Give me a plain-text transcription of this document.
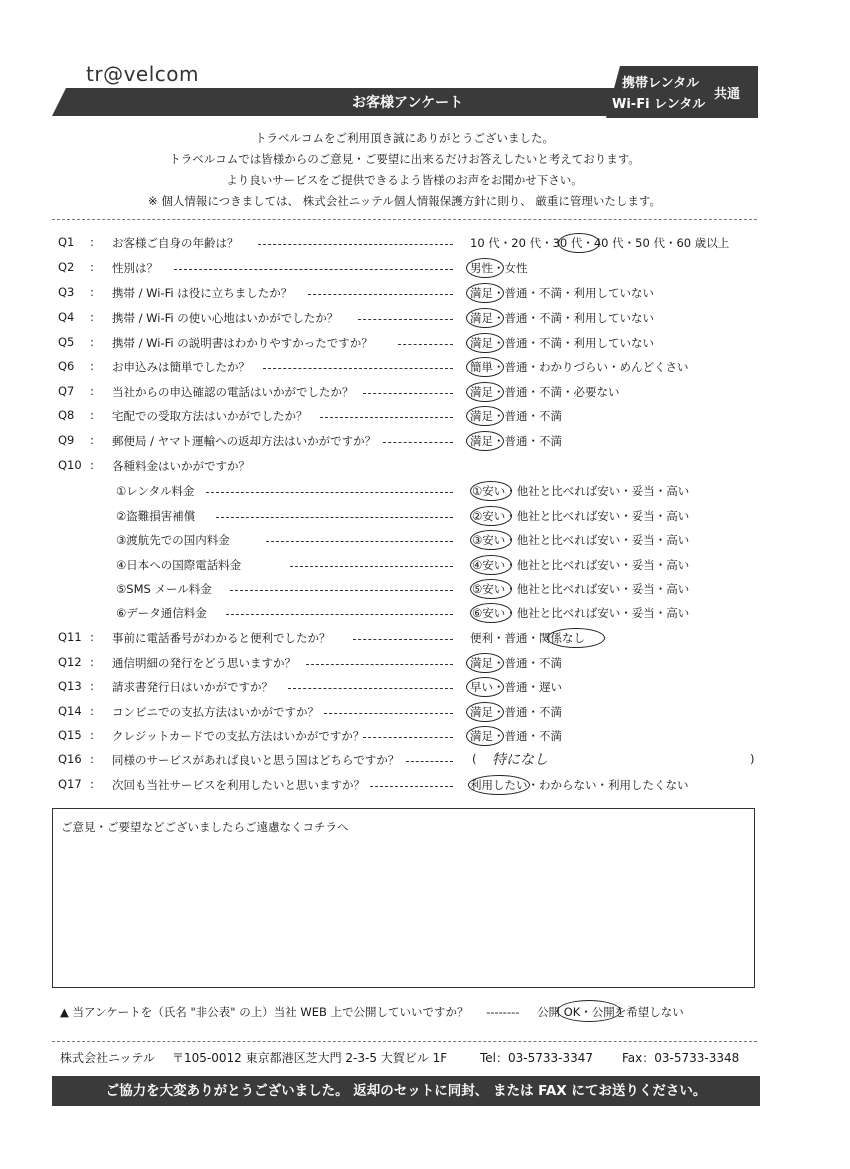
tr@velcom
お客様アンケート
携帯レンタル
Wi-Fi レンタル
共通
トラベルコムをご利用頂き誠にありがとうございました。
トラベルコムでは皆様からのご意見・ご要望に出来るだけお答えしたいと考えております。
より良いサービスをご提供できるよう皆様のお声をお聞かせ下さい。
※ 個人情報につきましては、 株式会社ニッテル個人情報保護方針に則り、 厳重に管理いたします。
Q1 : お客様ご自身の年齢は？	10 代・20 代・30 代・40 代・50 代・60 歳以上
Q2 : 性別は？	男性・女性
Q3 : 携帯 / Wi-Fi は役に立ちましたか？	満足・普通・不満・利用していない
Q4 : 携帯 / Wi-Fi の使い心地はいかがでしたか？	満足・普通・不満・利用していない
Q5 : 携帯 / Wi-Fi の説明書はわかりやすかったですか？	満足・普通・不満・利用していない
Q6 : お申込みは簡単でしたか？	簡単・普通・わかりづらい・めんどくさい
Q7 : 当社からの申込確認の電話はいかがでしたか？	満足・普通・不満・必要ない
Q8 : 宅配での受取方法はいかがでしたか？	満足・普通・不満
Q9 : 郵便局 / ヤマト運輸への返却方法はいかがですか？	満足・普通・不満
Q10 : 各種料金はいかがですか？
①レンタル料金	①安い・他社と比べれば安い・妥当・高い
②盗難損害補償	②安い・他社と比べれば安い・妥当・高い
③渡航先での国内料金	③安い・他社と比べれば安い・妥当・高い
④日本への国際電話料金	④安い・他社と比べれば安い・妥当・高い
⑤SMS メール料金	⑤安い・他社と比べれば安い・妥当・高い
⑥データ通信料金	⑥安い・他社と比べれば安い・妥当・高い
Q11 : 事前に電話番号がわかると便利でしたか？	便利・普通・関係なし
Q12 : 通信明細の発行をどう思いますか？	満足・普通・不満
Q13 : 請求書発行日はいかがですか？	早い・普通・遅い
Q14 : コンビニでの支払方法はいかがですか？	満足・普通・不満
Q15 : クレジットカードでの支払方法はいかがですか？	満足・普通・不満
Q16 : 同様のサービスがあれば良いと思う国はどちらですか？	( 特になし	)
Q17 : 次回も当社サービスを利用したいと思いますか？	利用したい・わからない・利用したくない
ご意見・ご要望などございましたらご遠慮なくコチラへ
▲ 当アンケートを（氏名 "非公表" の上）当社 WEB 上で公開していいですか？ -------- 公開 OK・公開を希望しない
株式会社ニッテル 〒105-0012 東京都港区芝大門 2-3-5 大賀ビル 1F	Tel：03-5733-3347 Fax：03-5733-3348
ご協力を大変ありがとうございました。 返却のセットに同封、 または FAX にてお送りください。
